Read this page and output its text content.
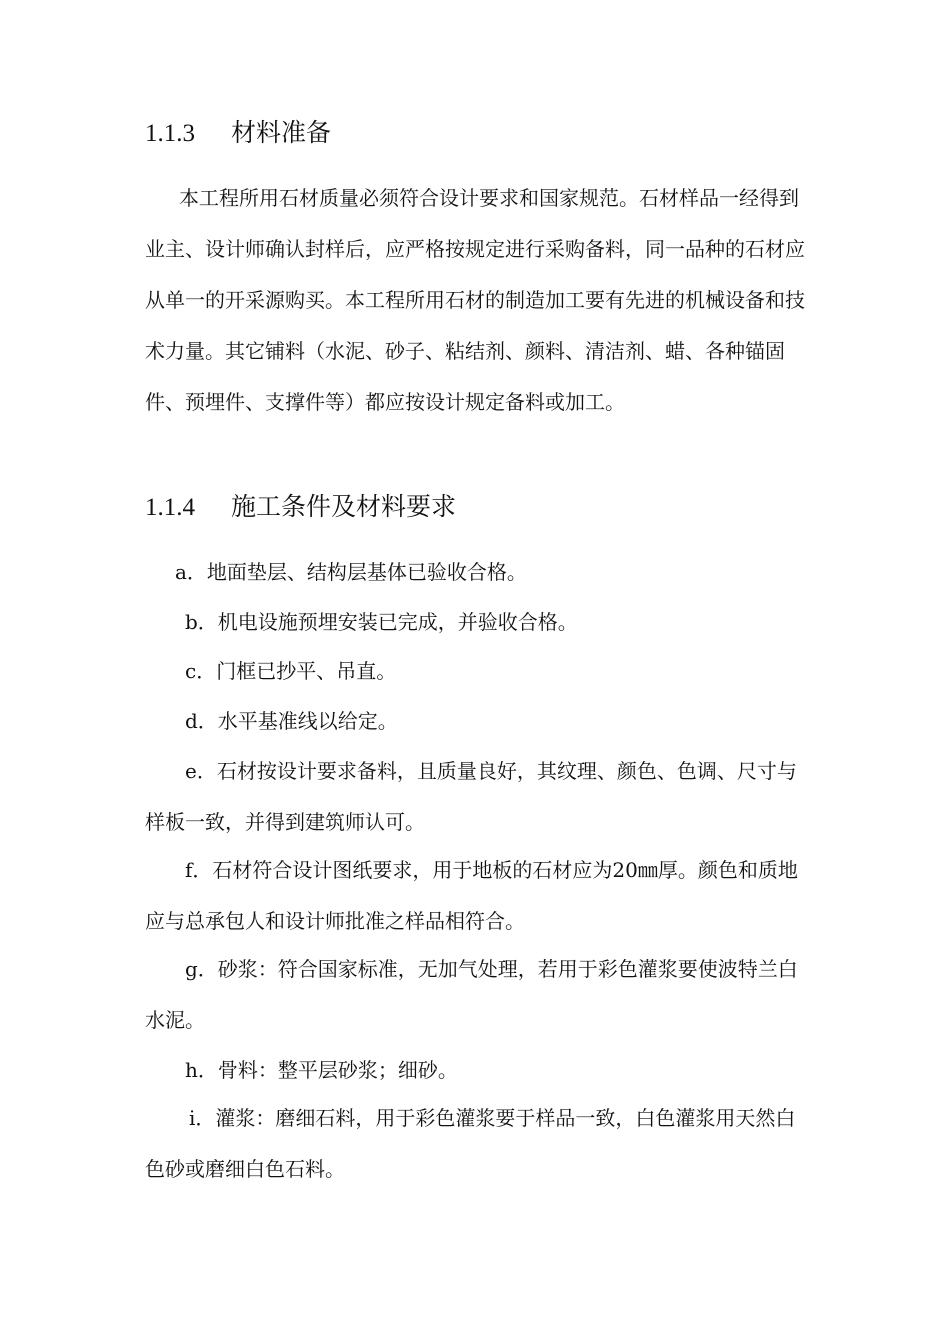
1.1.3 材料准备

本工程所用石材质量必须符合设计要求和国家规范。石材样品一经得到业主、设计师确认封样后，应严格按规定进行采购备料，同一品种的石材应从单一的开采源购买。本工程所用石材的制造加工要有先进的机械设备和技术力量。其它铺料（水泥、砂子、粘结剂、颜料、清洁剂、蜡、各种锚固件、预埋件、支撑件等）都应按设计规定备料或加工。

1.1.4 施工条件及材料要求

a．地面垫层、结构层基体已验收合格。

b．机电设施预埋安装已完成，并验收合格。

c．门框已抄平、吊直。

d．水平基准线以给定。

e．石材按设计要求备料，且质量良好，其纹理、颜色、色调、尺寸与样板一致，并得到建筑师认可。

f．石材符合设计图纸要求，用于地板的石材应为20㎜厚。颜色和质地应与总承包人和设计师批准之样品相符合。

g．砂浆：符合国家标准，无加气处理，若用于彩色灌浆要使波特兰白水泥。

h．骨料：整平层砂浆；细砂。

i．灌浆：磨细石料，用于彩色灌浆要于样品一致，白色灌浆用天然白色砂或磨细白色石料。
